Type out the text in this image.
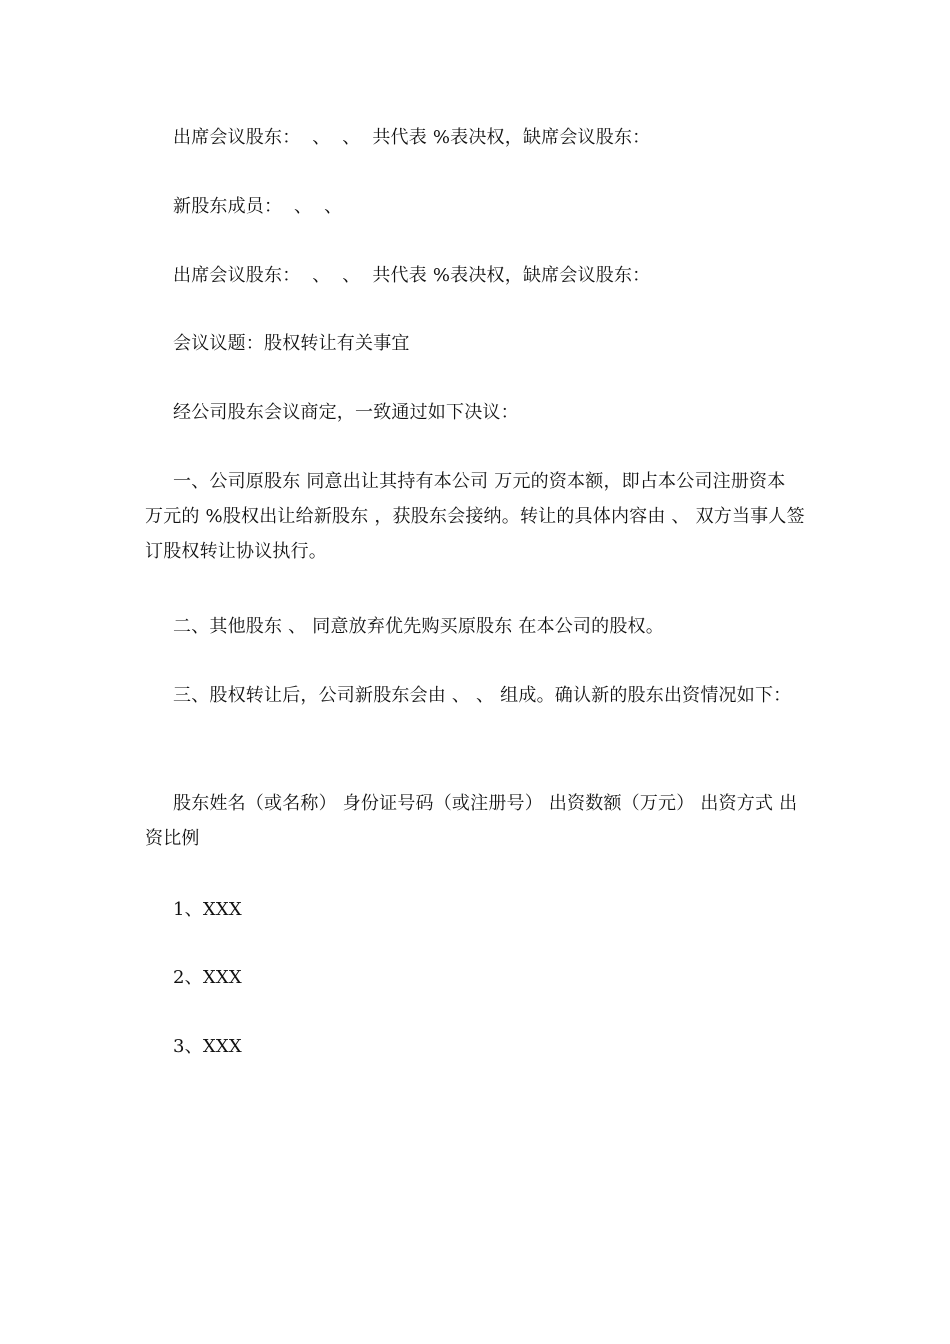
出席会议股东：  、  、  共代表 %表决权，缺席会议股东：

新股东成员：  、  、

出席会议股东：  、  、  共代表 %表决权，缺席会议股东：

会议议题：股权转让有关事宜

经公司股东会议商定，一致通过如下决议：

一、公司原股东 同意出让其持有本公司 万元的资本额，即占本公司注册资本 万元的 %股权出让给新股东 ，获股东会接纳。转让的具体内容由 、 双方当事人签订股权转让协议执行。

二、其他股东 、 同意放弃优先购买原股东 在本公司的股权。

三、股权转让后，公司新股东会由 、 、 组成。确认新的股东出资情况如下：

股东姓名（或名称） 身份证号码（或注册号） 出资数额（万元） 出资方式 出资比例

1、XXX

2、XXX

3、XXX
